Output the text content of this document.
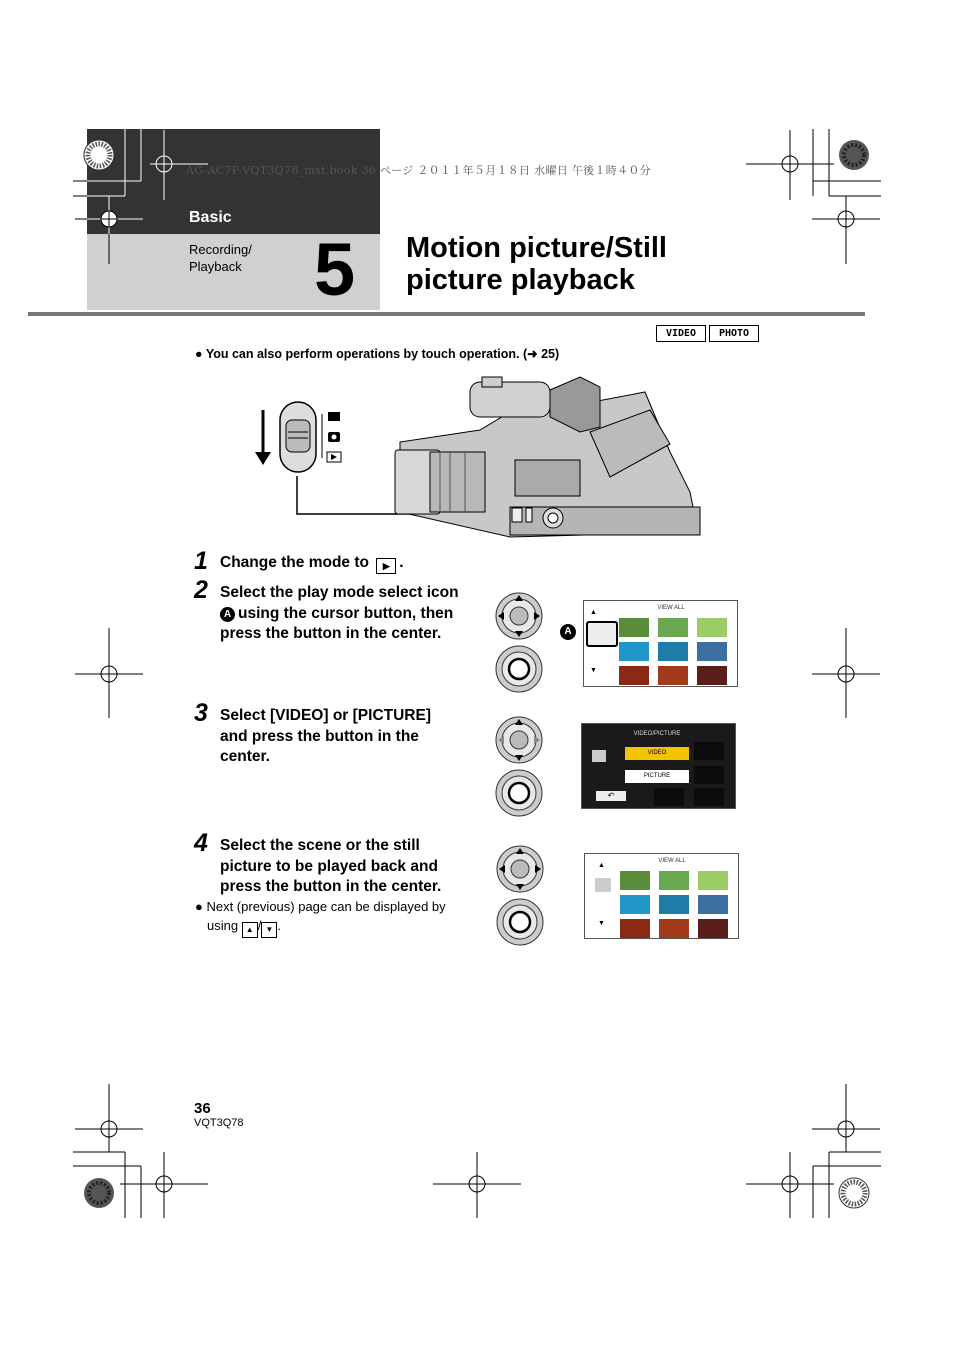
AG-AC7P-VQT3Q78_mst.book 36 ページ ２０１１年５月１８日 水曜日 午後１時４０分
Basic
Recording/
Playback 5 Motion picture/Still
picture playback
VIDEO	PHOTO
● You can also perform operations by touch operation. (➜ 25)
1 Change the mode to ▶ .
2 Select the play mode select icon
A using the cursor button, then
press the button in the center.
3 Select [VIDEO] or [PICTURE]
and press the button in the
center.
4 Select the scene or the still
picture to be played back and
press the button in the center.
● Next (previous) page can be displayed by
using ▲ / ▼ .
A
VIEW ALL
▲
▼
VIDEO/PICTURE
VIDEO
PICTURE
↶
VIEW ALL
▲
▼
36
VQT3Q78
